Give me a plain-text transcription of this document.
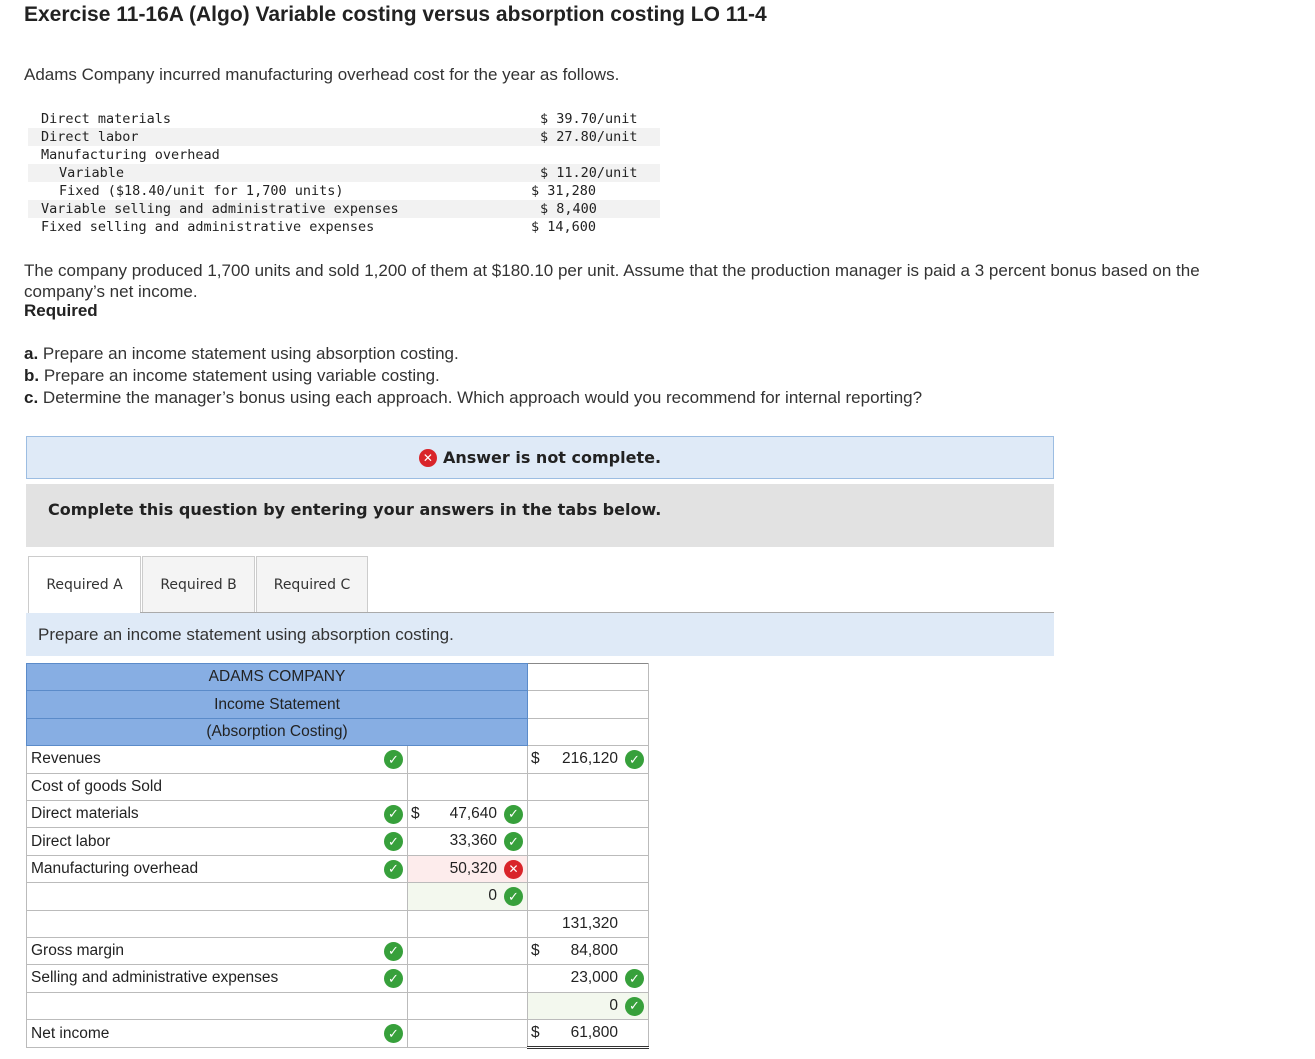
Exercise 11-16A (Algo) Variable costing versus absorption costing LO 11-4
Adams Company incurred manufacturing overhead cost for the year as follows.
Direct materials	$ 39.70/unit
Direct labor	$ 27.80/unit
Manufacturing overhead
Variable	$ 11.20/unit
Fixed ($18.40/unit for 1,700 units)	$ 31,280
Variable selling and administrative expenses	$ 8,400
Fixed selling and administrative expenses	$ 14,600
The company produced 1,700 units and sold 1,200 of them at $180.10 per unit. Assume that the production manager is paid a 3 percent bonus based on the company’s net income.
Required
a. Prepare an income statement using absorption costing.
b. Prepare an income statement using variable costing.
c. Determine the manager’s bonus using each approach. Which approach would you recommend for internal reporting?
✕ Answer is not complete.
Complete this question by entering your answers in the tabs below.
Required A	Required B	Required C
Prepare an income statement using absorption costing.
ADAMS COMPANY		
Income Statement		
(Absorption Costing)		
Revenues ✓		$ 216,120 ✓

Cost of goods Sold		
Direct materials ✓	$ 47,640 ✓	

Direct labor ✓	33,360 ✓	

Manufacturing overhead ✓	50,320 ✕	

	0 ✓	

		131,320

Gross margin ✓		$ 84,800

Selling and administrative expenses ✓		23,000 ✓

		0 ✓

Net income ✓		$ 61,800
